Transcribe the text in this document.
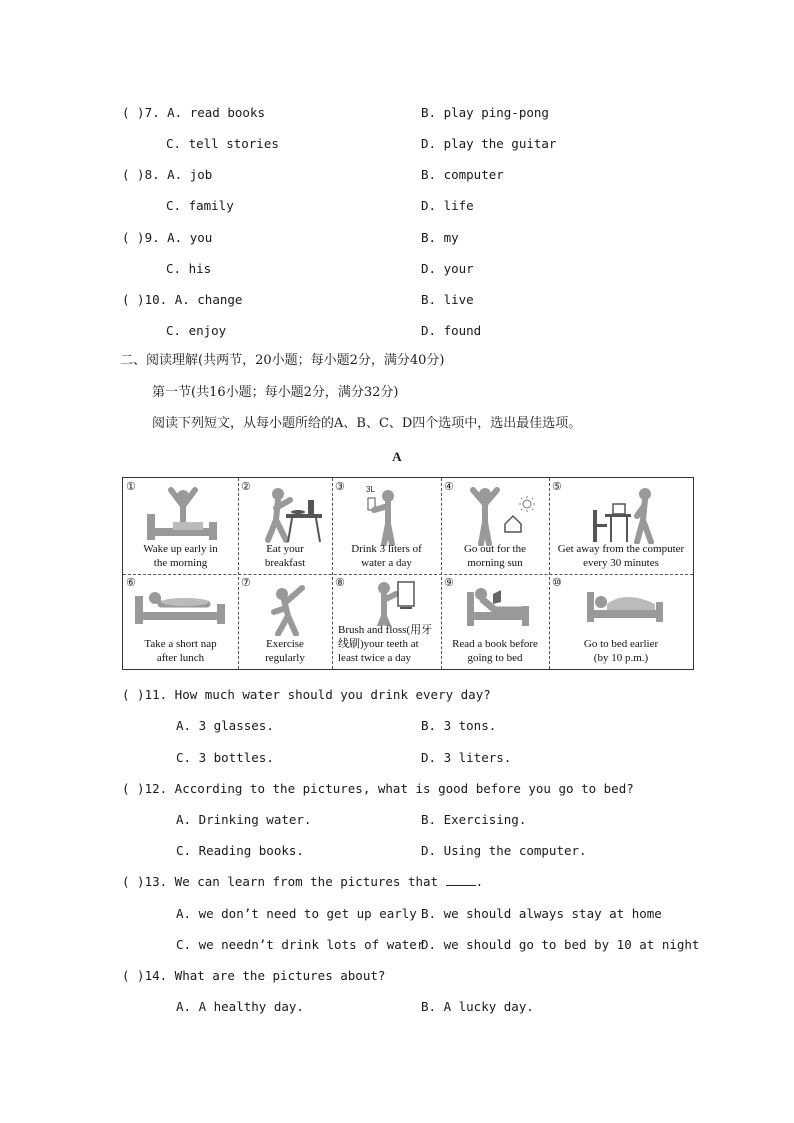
( )7. A. read books	B. play ping-pong
C. tell stories	D. play the guitar
( )8. A. job	B. computer
C. family	D. life
( )9. A. you	B. my
C. his	D. your
( )10. A. change	B. live
C. enjoy	D. found
二、阅读理解(共两节，20小题；每小题2分，满分40分)
第一节(共16小题；每小题2分，满分32分)
阅读下列短文，从每小题所给的A、B、C、D四个选项中，选出最佳选项。
A
①
Wake up early in
the morning
②
Eat your
breakfast
③	3L
Drink 3 liters of
water a day
④
Go out for the
morning sun
⑤
Get away from the computer
every 30 minutes
⑥
Take a short nap
after lunch
⑦
Exercise
regularly
⑧
Brush and floss(用牙
线刷)your teeth at
least twice a day
⑨
Read a book before
going to bed
⑩
Go to bed earlier
(by 10 p.m.)
( )11. How much water should you drink every day?
A. 3 glasses.	B. 3 tons.
C. 3 bottles.	D. 3 liters.
( )12. According to the pictures, what is good before you go to bed?
A. Drinking water.	B. Exercising.
C. Reading books.	D. Using the computer.
( )13. We can learn from the pictures that .
A. we don’t need to get up early B. we should always stay at home
C. we needn’t drink lots of water
D. we should go to bed by 10 at night
( )14. What are the pictures about?
A. A healthy day.	B. A lucky day.
